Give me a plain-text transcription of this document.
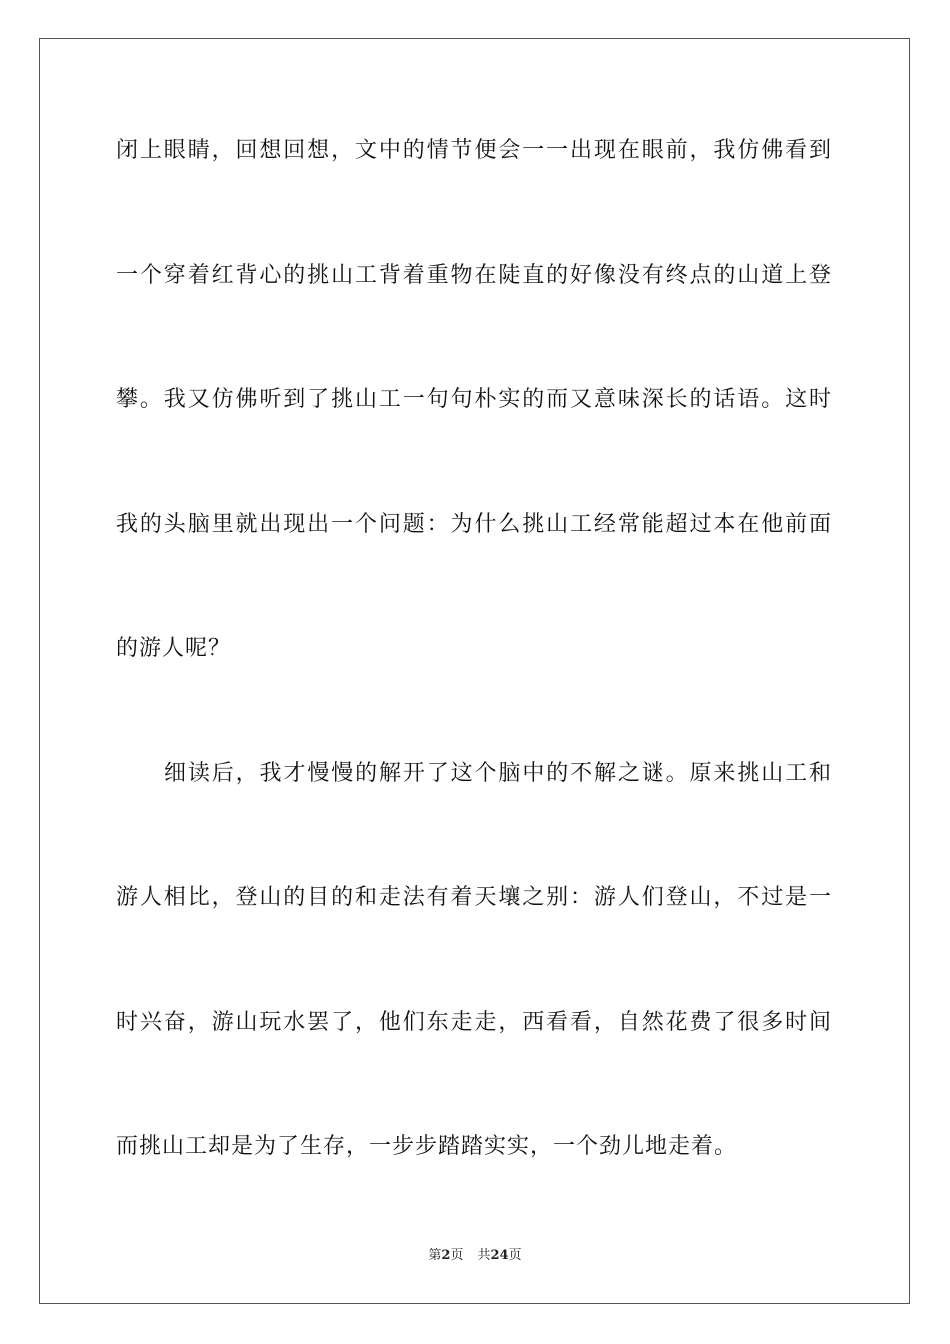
闭上眼睛，回想回想，文中的情节便会一一出现在眼前，我仿佛看到
一个穿着红背心的挑山工背着重物在陡直的好像没有终点的山道上登
攀。我又仿佛听到了挑山工一句句朴实的而又意味深长的话语。这时
我的头脑里就出现出一个问题：为什么挑山工经常能超过本在他前面
的游人呢？
细读后，我才慢慢的解开了这个脑中的不解之谜。原来挑山工和
游人相比，登山的目的和走法有着天壤之别：游人们登山，不过是一
时兴奋，游山玩水罢了，他们东走走，西看看，自然花费了很多时间
而挑山工却是为了生存，一步步踏踏实实，一个劲儿地走着。
第2页 共24页
